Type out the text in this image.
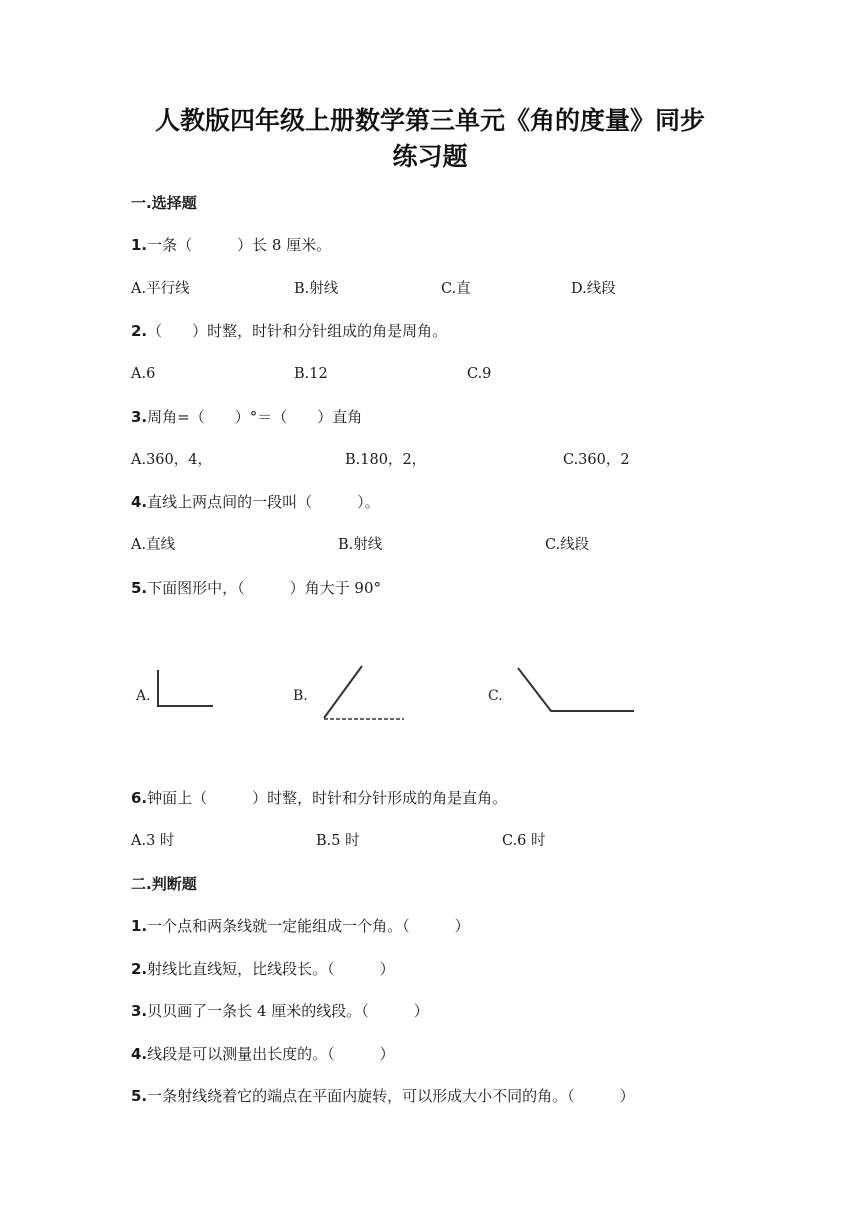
人教版四年级上册数学第三单元《角的度量》同步
练习题
一.选择题
1.一条（　　　）长 8 厘米。
A.平行线	B.射线	C.直	D.线段
2.（　　）时整，时针和分针组成的角是周角。
A.6	B.12	C.9
3.周角=（　　）°＝（　　）直角
A.360，4，	B.180，2，	C.360，2
4.直线上两点间的一段叫（　　　）。
A.直线	B.射线	C.线段
5.下面图形中，（　　　）角大于 90°
A.	B.	C.
6.钟面上（　　　）时整，时针和分针形成的角是直角。
A.3 时	B.5 时	C.6 时
二.判断题
1.一个点和两条线就一定能组成一个角。（　　　）
2.射线比直线短，比线段长。（　　　）
3.贝贝画了一条长 4 厘米的线段。（　　　）
4.线段是可以测量出长度的。（　　　）
5.一条射线绕着它的端点在平面内旋转，可以形成大小不同的角。（　　　）
